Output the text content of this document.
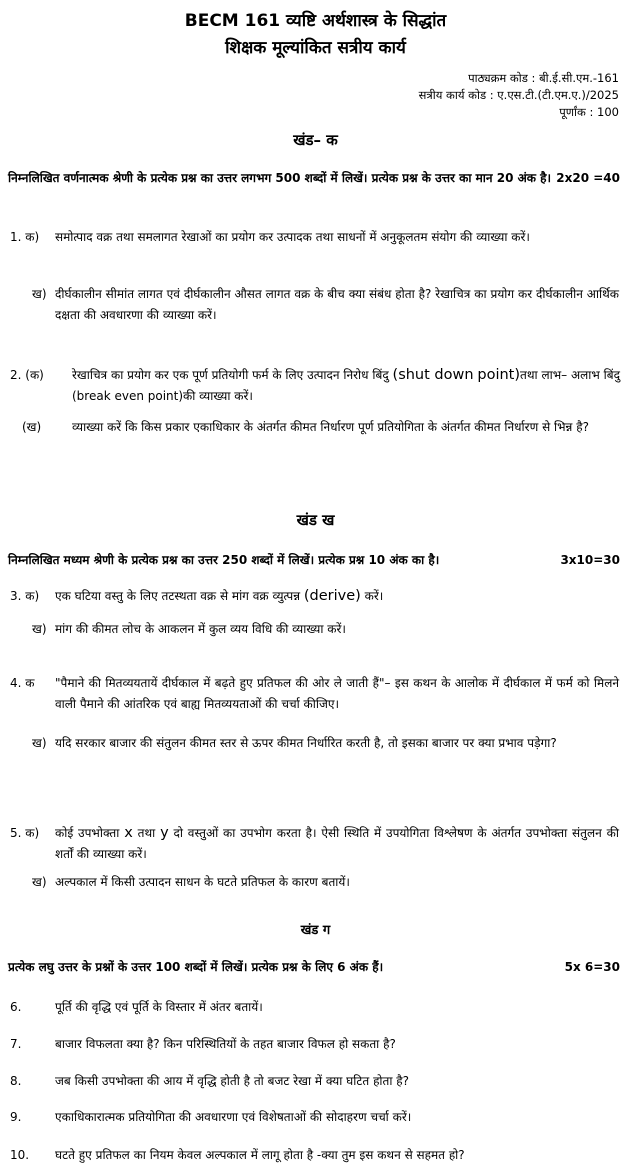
BECM 161 व्यष्टि अर्थशास्त्र के सिद्धांत
शिक्षक मूल्यांकित सत्रीय कार्य
पाठ्यक्रम कोड : बी.ई.सी.एम.-161
सत्रीय कार्य कोड : ए.एस.टी.(टी.एम.ए.)/2025
पूर्णांक : 100
खंड– क
निम्नलिखित वर्णनात्मक श्रेणी के प्रत्येक प्रश्न का उत्तर लगभग 500 शब्दों में लिखें। प्रत्येक प्रश्न के उत्तर का मान 20 अंक है। 2x20 =40
1. क) समोत्पाद वक्र तथा समलागत रेखाओं का प्रयोग कर उत्पादक तथा साधनों में अनुकूलतम संयोग की व्याख्या करें।
ख) दीर्घकालीन सीमांत लागत एवं दीर्घकालीन औसत लागत वक्र के बीच क्या संबंध होता है? रेखाचित्र का प्रयोग कर दीर्घकालीन आर्थिक दक्षता की अवधारणा की व्याख्या करें।
2. (क) रेखाचित्र का प्रयोग कर एक पूर्ण प्रतियोगी फर्म के लिए उत्पादन निरोध बिंदु (shut down point)तथा लाभ– अलाभ बिंदु (break even point)की व्याख्या करें।
(ख)	व्याख्या करें कि किस प्रकार एकाधिकार के अंतर्गत कीमत निर्धारण पूर्ण प्रतियोगिता के अंतर्गत कीमत निर्धारण से भिन्न है?
खंड ख
निम्नलिखित मध्यम श्रेणी के प्रत्येक प्रश्न का उत्तर 250 शब्दों में लिखें। प्रत्येक प्रश्न 10 अंक का है।	3x10=30
3. क) एक घटिया वस्तु के लिए तटस्थता वक्र से मांग वक्र व्युत्पन्न (derive) करें।
ख) मांग की कीमत लोच के आकलन में कुल व्यय विधि की व्याख्या करें।
4. क "पैमाने की मितव्ययतायें दीर्घकाल में बढ़ते हुए प्रतिफल की ओर ले जाती हैं"– इस कथन के आलोक में दीर्घकाल में फर्म को मिलने वाली पैमाने की आंतरिक एवं बाह्य मितव्ययताओं की चर्चा कीजिए।
ख) यदि सरकार बाजार की संतुलन कीमत स्तर से ऊपर कीमत निर्धारित करती है, तो इसका बाजार पर क्या प्रभाव पड़ेगा?
5. क) कोई उपभोक्ता x तथा y दो वस्तुओं का उपभोग करता है। ऐसी स्थिति में उपयोगिता विश्लेषण के अंतर्गत उपभोक्ता संतुलन की शर्तों की व्याख्या करें।
ख) अल्पकाल में किसी उत्पादन साधन के घटते प्रतिफल के कारण बतायें।
खंड ग
प्रत्येक लघु उत्तर के प्रश्नों के उत्तर 100 शब्दों में लिखें। प्रत्येक प्रश्न के लिए 6 अंक हैं।	5x 6=30
6.	पूर्ति की वृद्धि एवं पूर्ति के विस्तार में अंतर बतायें।
7.	बाजार विफलता क्या है? किन परिस्थितियों के तहत बाजार विफल हो सकता है?
8.	जब किसी उपभोक्ता की आय में वृद्धि होती है तो बजट रेखा में क्या घटित होता है?
9.	एकाधिकारात्मक प्रतियोगिता की अवधारणा एवं विशेषताओं की सोदाहरण चर्चा करें।
10. घटते हुए प्रतिफल का नियम केवल अल्पकाल में लागू होता है -क्या तुम इस कथन से सहमत हो?
